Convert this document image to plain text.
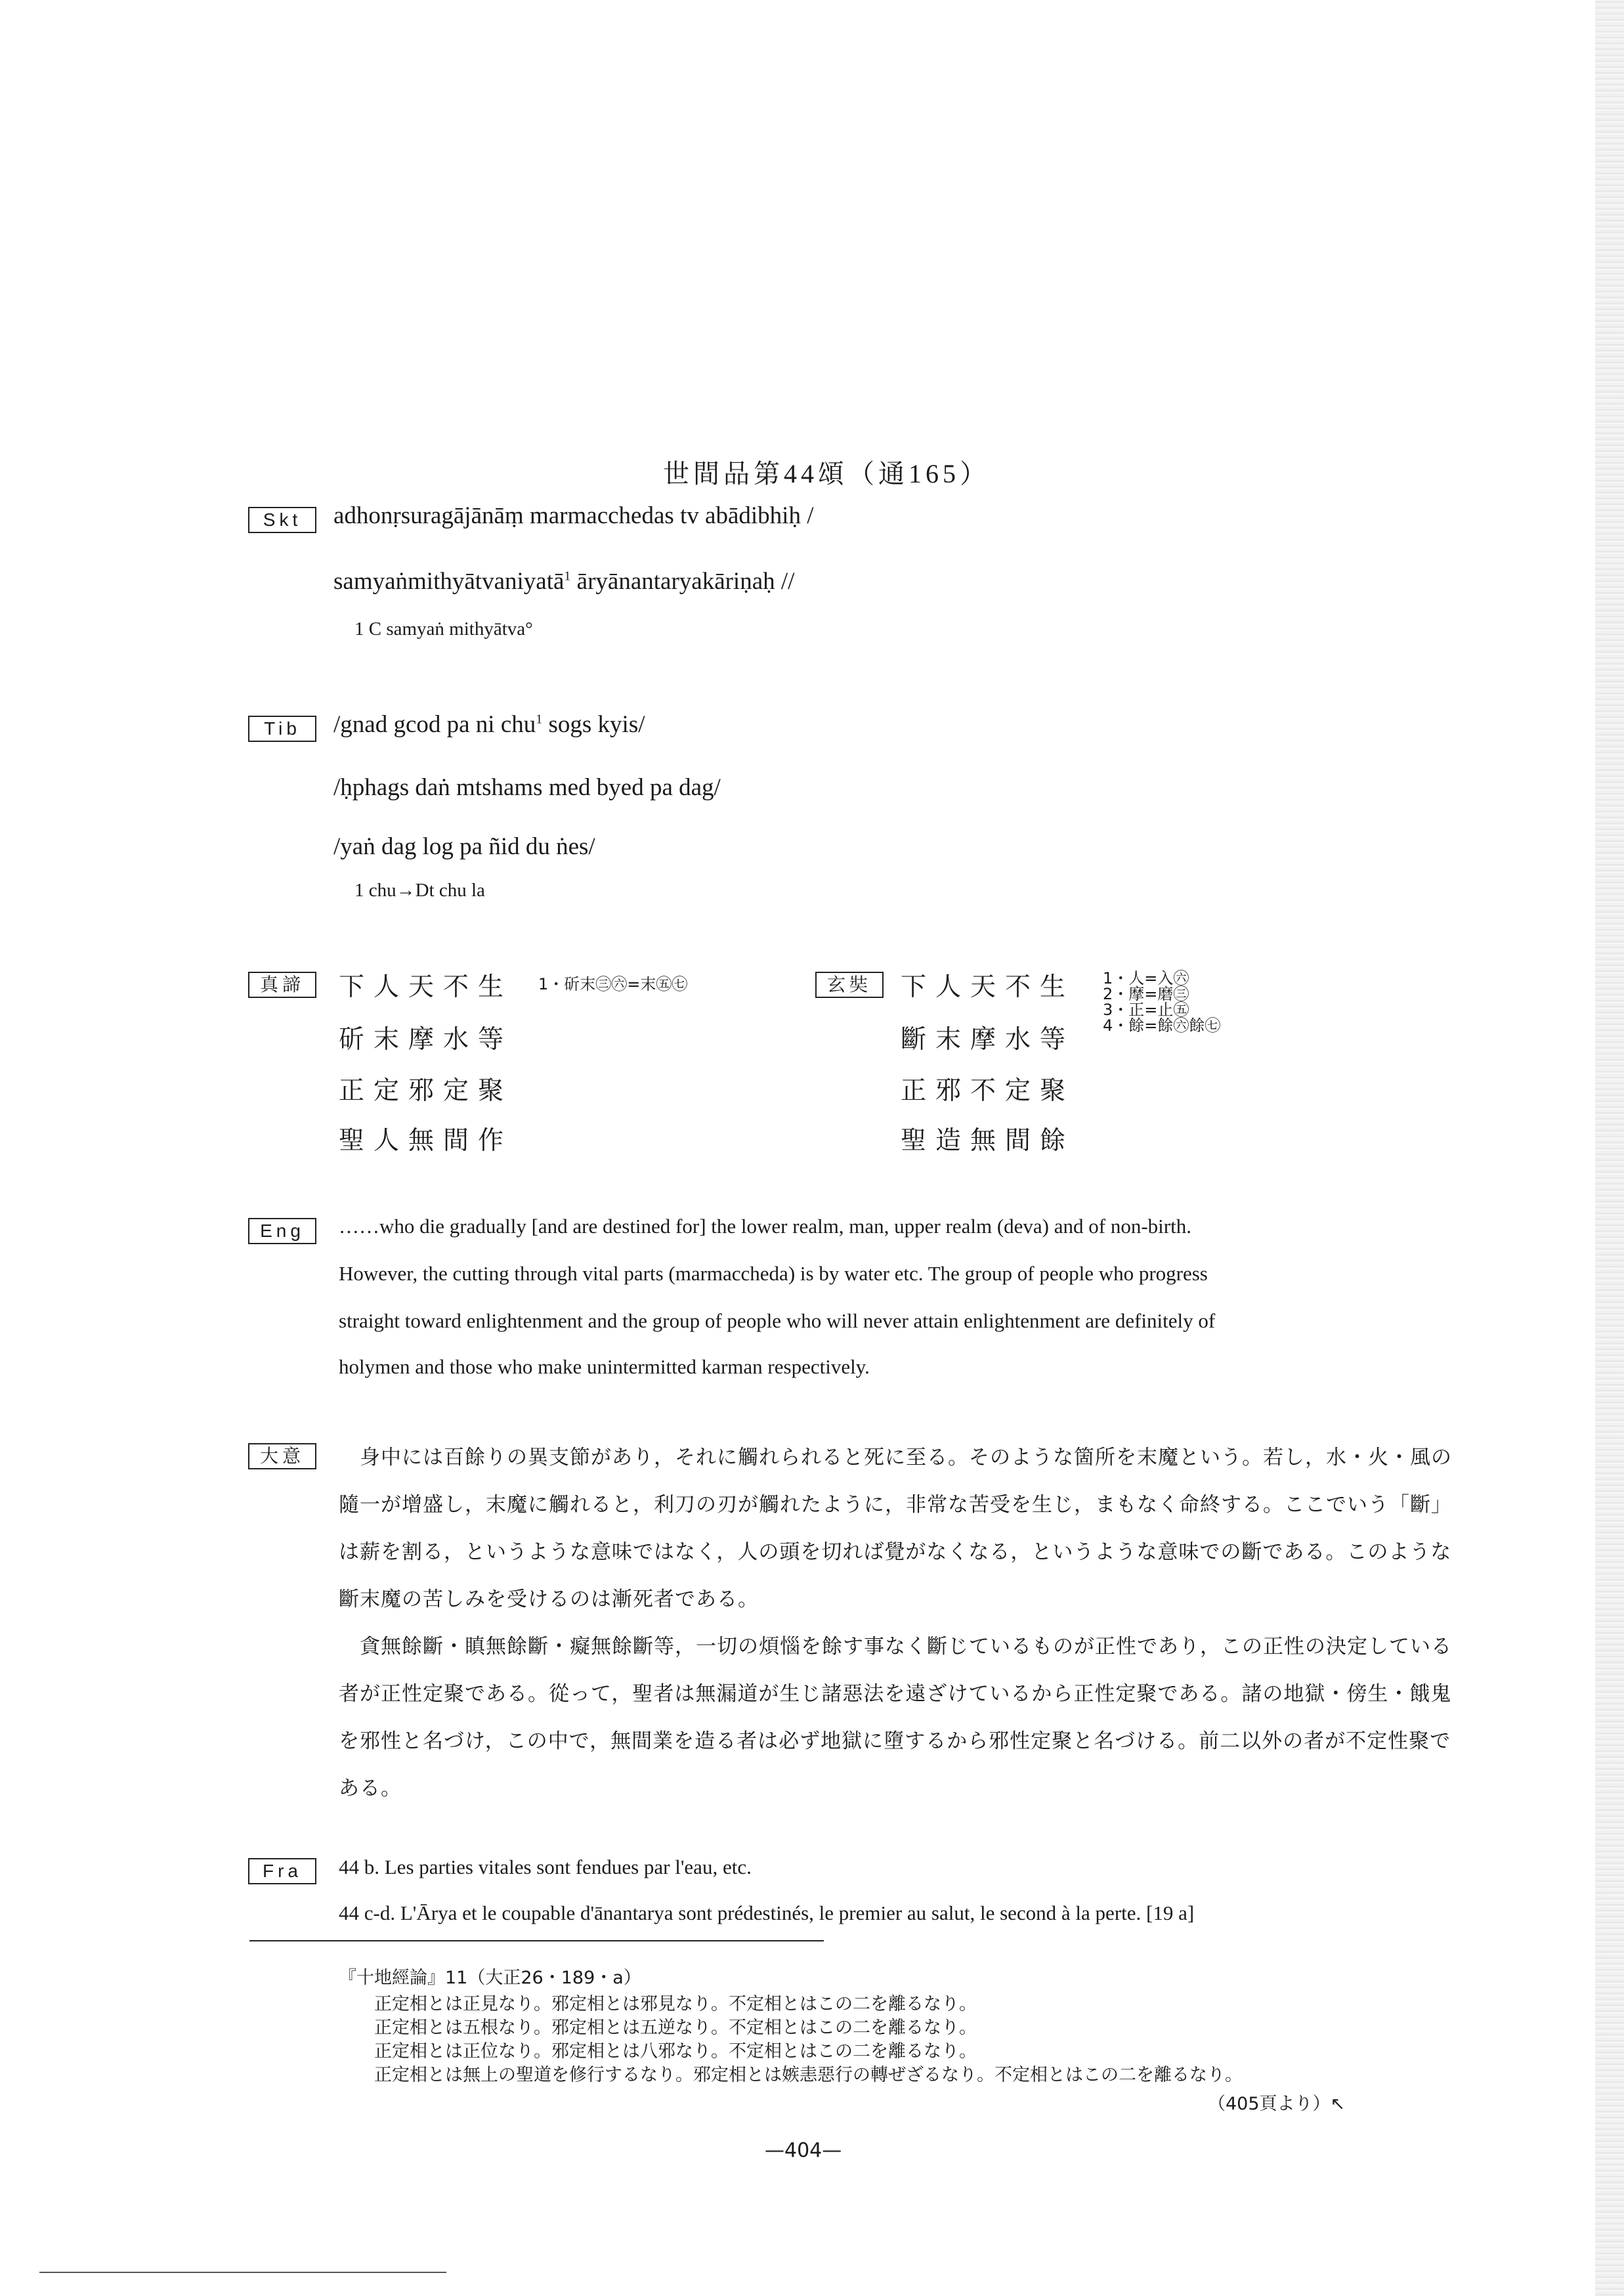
世間品第44頌（通165）
Skt	adhonṛsuragājānāṃ marmacchedas tv abādibhiḥ /
samyaṅmithyātvaniyatā$^1$ āryānantaryakāriṇaḥ //
1 C samyaṅ mithyātva°
Tib	/gnad gcod pa ni chu$^1$ sogs kyis/
/ḥphags daṅ mtshams med byed pa dag/
/yaṅ dag log pa ñid du ṅes/
1 chu→Dt chu la
真諦	下人天不生
斫末摩水等
正定邪定聚
聖人無間作
1・斫末㊂㊅=末㊄㊆	玄奘	下人天不生
斷末摩水等
正邪不定聚
聖造無間餘
1・人=入㊅
2・摩=磨㊂
3・正=止㊄
4・餘=餘㊅餘㊆
Eng	……who die gradually [and are destined for] the lower realm, man, upper realm (deva) and of non-birth.
However, the cutting through vital parts (marmaccheda) is by water etc. The group of people who progress
straight toward enlightenment and the group of people who will never attain enlightenment are definitely of
holymen and those who make unintermitted karman respectively.
大意	身中には百餘りの異支節があり，それに觸れられると死に至る。そのような箇所を末魔という。若し，水・火・風の
隨一が增盛し，末魔に觸れると，利刀の刃が觸れたように，非常な苦受を生じ，まもなく命終する。ここでいう「斷」
は薪を割る，というような意味ではなく，人の頭を切れば覺がなくなる，というような意味での斷である。このような
斷末魔の苦しみを受けるのは漸死者である。
貪無餘斷・瞋無餘斷・癡無餘斷等，一切の煩惱を餘す事なく斷じているものが正性であり，この正性の決定している
者が正性定聚である。從って，聖者は無漏道が生じ諸惡法を遠ざけているから正性定聚である。諸の地獄・傍生・餓鬼
を邪性と名づけ，この中で，無間業を造る者は必ず地獄に墮するから邪性定聚と名づける。前二以外の者が不定性聚で
ある。
Fra	44 b. Les parties vitales sont fendues par l'eau, etc.
44 c-d. L'Ārya et le coupable d'ānantarya sont prédestinés, le premier au salut, le second à la perte. [19 a]
『十地經論』11（大正26・189・a）
正定相とは正見なり。邪定相とは邪見なり。不定相とはこの二を離るなり。
正定相とは五根なり。邪定相とは五逆なり。不定相とはこの二を離るなり。
正定相とは正位なり。邪定相とは八邪なり。不定相とはこの二を離るなり。
正定相とは無上の聖道を修行するなり。邪定相とは嫉恚惡行の轉ぜざるなり。不定相とはこの二を離るなり。
（405頁より）↖
—404—
